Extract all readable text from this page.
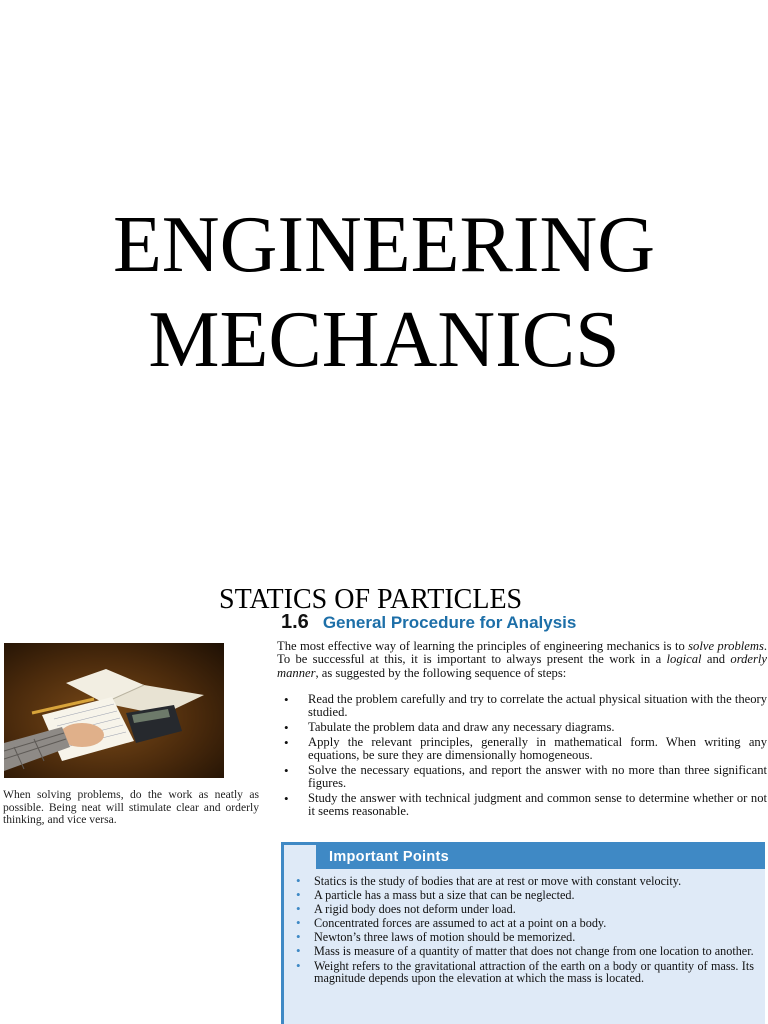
ENGINEERING
MECHANICS
STATICS OF PARTICLES
When solving problems, do the work as neatly as possible. Being neat will stimulate clear and orderly thinking, and vice versa.
1.6 General Procedure for Analysis

The most effective way of learning the principles of engineering mechanics is to solve problems. To be successful at this, it is important to always present the work in a logical and orderly manner, as suggested by the following sequence of steps:

• Read the problem carefully and try to correlate the actual physical situation with the theory studied.
• Tabulate the problem data and draw any necessary diagrams.
• Apply the relevant principles, generally in mathematical form. When writing any equations, be sure they are dimensionally homogeneous.
• Solve the necessary equations, and report the answer with no more than three significant figures.
• Study the answer with technical judgment and common sense to determine whether or not it seems reasonable.
Important Points
• Statics is the study of bodies that are at rest or move with constant velocity.
• A particle has a mass but a size that can be neglected.
• A rigid body does not deform under load.
• Concentrated forces are assumed to act at a point on a body.
• Newton’s three laws of motion should be memorized.
• Mass is measure of a quantity of matter that does not change from one location to another.
• Weight refers to the gravitational attraction of the earth on a body or quantity of mass. Its magnitude depends upon the elevation at which the mass is located.
